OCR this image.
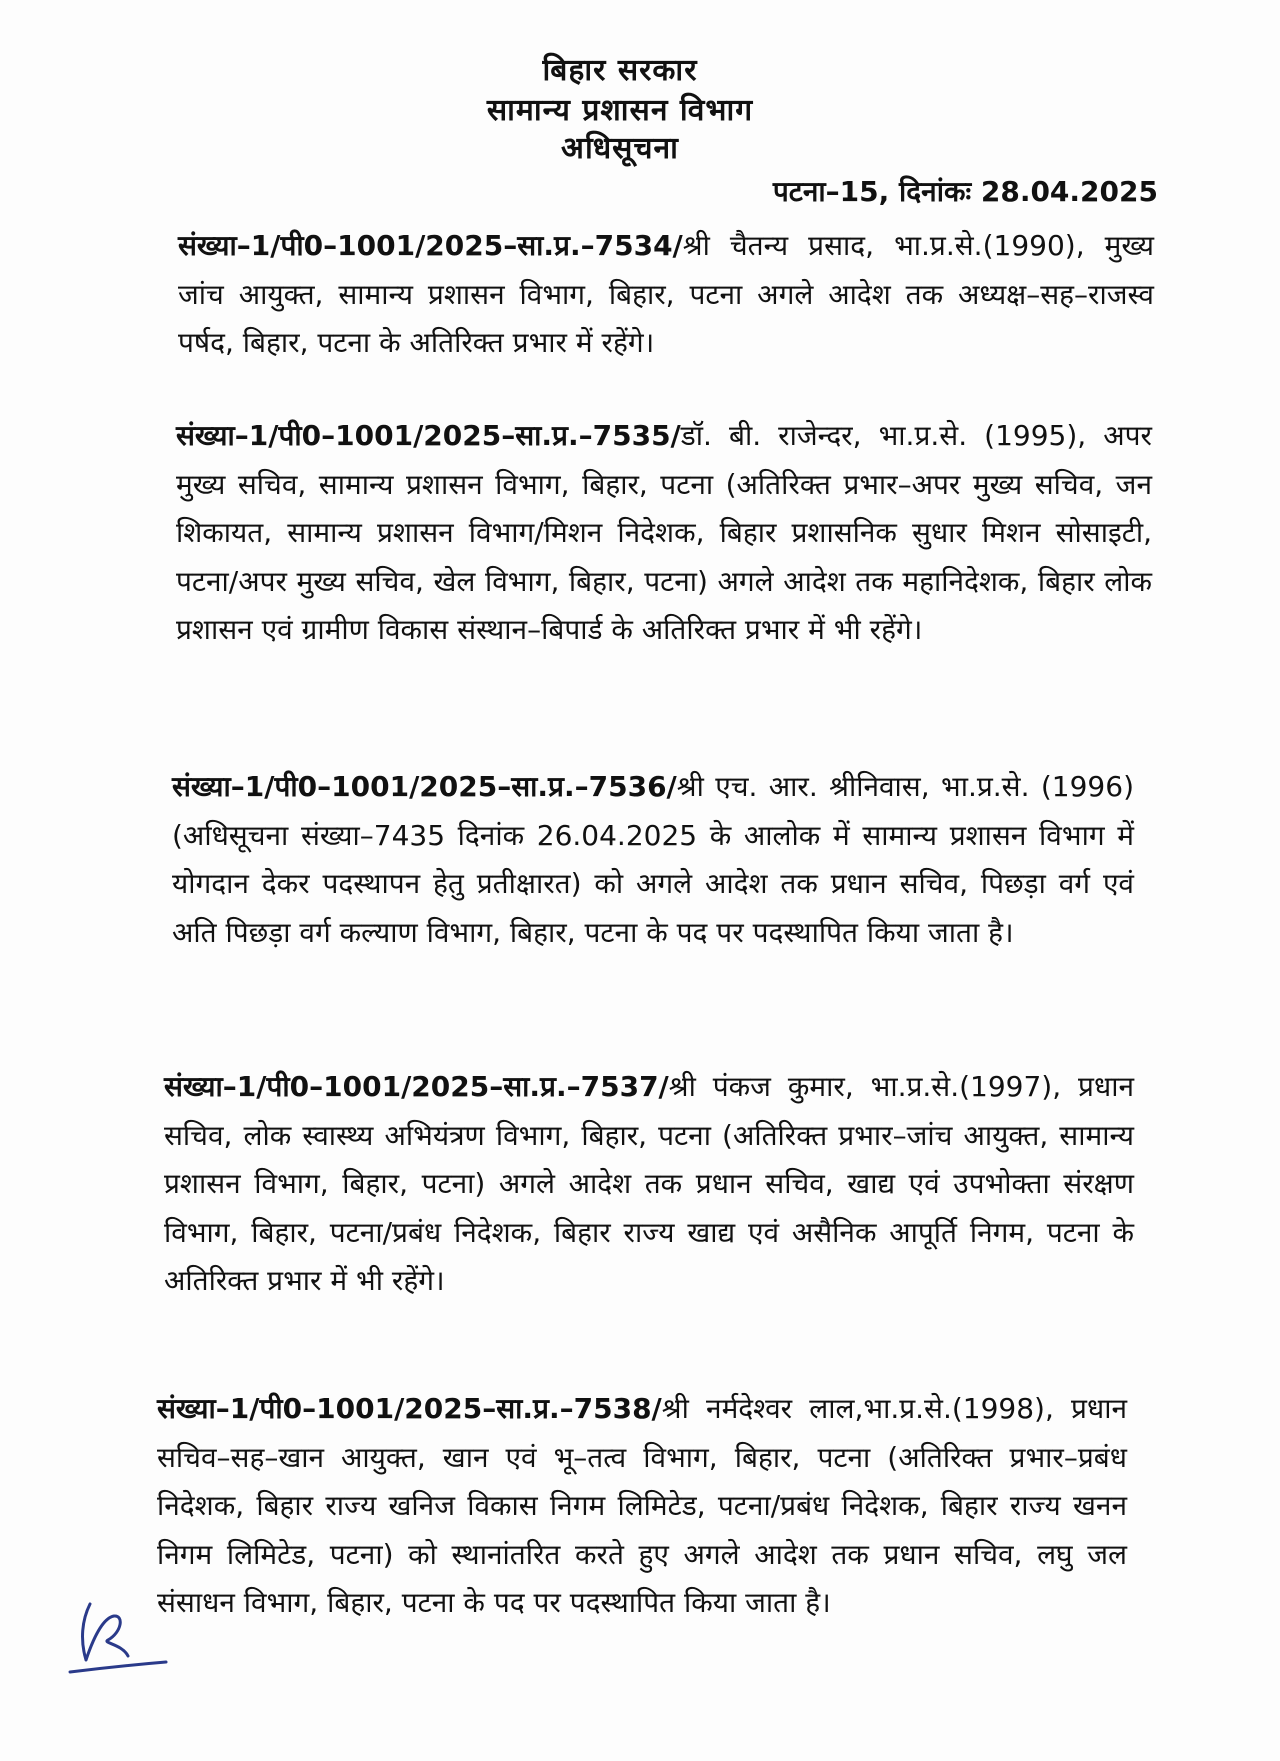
बिहार सरकार
सामान्य प्रशासन विभाग
अधिसूचना
पटना–15, दिनांकः 28.04.2025
संख्या–1/पी0–1001/2025–सा.प्र.–7534/श्री चैतन्य प्रसाद, भा.प्र.से.(1990), मुख्य जांच आयुक्त, सामान्य प्रशासन विभाग, बिहार, पटना अगले आदेश तक अध्यक्ष–सह–राजस्व पर्षद, बिहार, पटना के अतिरिक्त प्रभार में रहेंगे।
संख्या–1/पी0–1001/2025–सा.प्र.–7535/डॉ. बी. राजेन्दर, भा.प्र.से. (1995), अपर मुख्य सचिव, सामान्य प्रशासन विभाग, बिहार, पटना (अतिरिक्त प्रभार–अपर मुख्य सचिव, जन शिकायत, सामान्य प्रशासन विभाग/मिशन निदेशक, बिहार प्रशासनिक सुधार मिशन सोसाइटी, पटना/अपर मुख्य सचिव, खेल विभाग, बिहार, पटना) अगले आदेश तक महानिदेशक, बिहार लोक प्रशासन एवं ग्रामीण विकास संस्थान–बिपार्ड के अतिरिक्त प्रभार में भी रहेंगे।
संख्या–1/पी0–1001/2025–सा.प्र.–7536/श्री एच. आर. श्रीनिवास, भा.प्र.से. (1996) (अधिसूचना संख्या–7435 दिनांक 26.04.2025 के आलोक में सामान्य प्रशासन विभाग में योगदान देकर पदस्थापन हेतु प्रतीक्षारत) को अगले आदेश तक प्रधान सचिव, पिछड़ा वर्ग एवं अति पिछड़ा वर्ग कल्याण विभाग, बिहार, पटना के पद पर पदस्थापित किया जाता है।
संख्या–1/पी0–1001/2025–सा.प्र.–7537/श्री पंकज कुमार, भा.प्र.से.(1997), प्रधान सचिव, लोक स्वास्थ्य अभियंत्रण विभाग, बिहार, पटना (अतिरिक्त प्रभार–जांच आयुक्त, सामान्य प्रशासन विभाग, बिहार, पटना) अगले आदेश तक प्रधान सचिव, खाद्य एवं उपभोक्ता संरक्षण विभाग, बिहार, पटना/प्रबंध निदेशक, बिहार राज्य खाद्य एवं असैनिक आपूर्ति निगम, पटना के अतिरिक्त प्रभार में भी रहेंगे।
संख्या–1/पी0–1001/2025–सा.प्र.–7538/श्री नर्मदेश्वर लाल,भा.प्र.से.(1998), प्रधान सचिव–सह–खान आयुक्त, खान एवं भू–तत्व विभाग, बिहार, पटना (अतिरिक्त प्रभार–प्रबंध निदेशक, बिहार राज्य खनिज विकास निगम लिमिटेड, पटना/प्रबंध निदेशक, बिहार राज्य खनन निगम लिमिटेड, पटना) को स्थानांतरित करते हुए अगले आदेश तक प्रधान सचिव, लघु जल संसाधन विभाग, बिहार, पटना के पद पर पदस्थापित किया जाता है।
